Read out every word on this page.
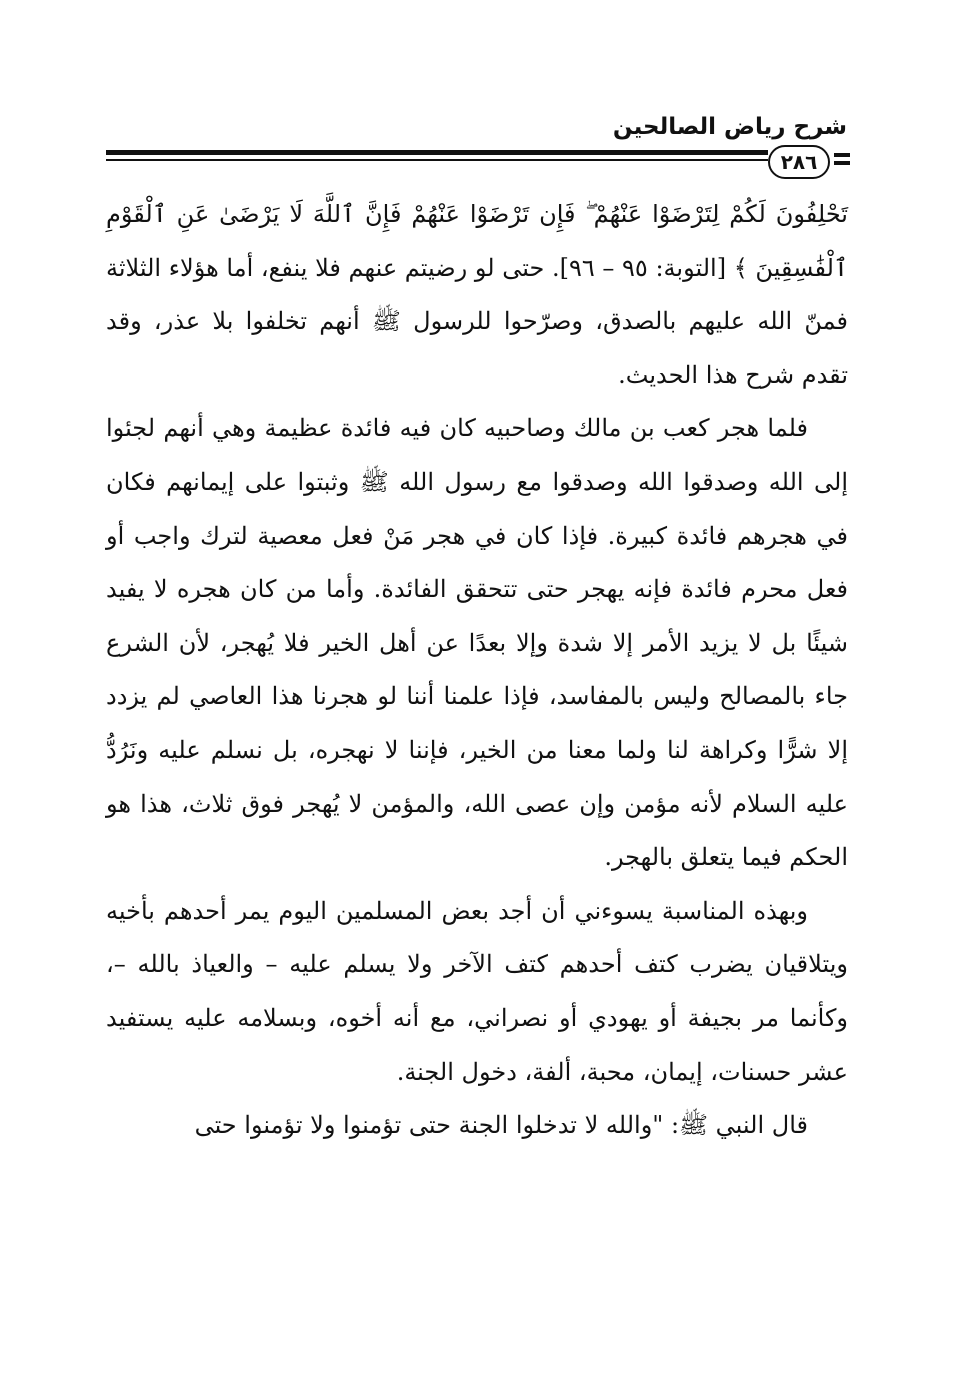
شرح رياض الصالحين
٢٨٦

تَحْلِفُونَ لَكُمْ لِتَرْضَوْا عَنْهُمْ ۖ فَإِن تَرْضَوْا عَنْهُمْ فَإِنَّ ٱللَّهَ لَا يَرْضَىٰ عَنِ ٱلْقَوْمِ ٱلْفَٰسِقِينَ ﴾ [التوبة: ٩٥ – ٩٦]. حتى لو رضيتم عنهم فلا ينفع، أما هؤلاء الثلاثة فمنّ الله عليهم بالصدق، وصرّحوا للرسول ﷺ أنهم تخلفوا بلا عذر، وقد تقدم شرح هذا الحديث.

فلما هجر كعب بن مالك وصاحبيه كان فيه فائدة عظيمة وهي أنهم لجئوا إلى الله وصدقوا الله وصدقوا مع رسول الله ﷺ وثبتوا على إيمانهم فكان في هجرهم فائدة كبيرة. فإذا كان في هجر مَنْ فعل معصية لترك واجب أو فعل محرم فائدة فإنه يهجر حتى تتحقق الفائدة. وأما من كان هجره لا يفيد شيئًا بل لا يزيد الأمر إلا شدة وإلا بعدًا عن أهل الخير فلا يُهجر، لأن الشرع جاء بالمصالح وليس بالمفاسد، فإذا علمنا أننا لو هجرنا هذا العاصي لم يزدد إلا شرًّا وكراهة لنا ولما معنا من الخير، فإننا لا نهجره، بل نسلم عليه ونَرُدُّ عليه السلام لأنه مؤمن وإن عصى الله، والمؤمن لا يُهجر فوق ثلاث، هذا هو الحكم فيما يتعلق بالهجر.

وبهذه المناسبة يسوءني أن أجد بعض المسلمين اليوم يمر أحدهم بأخيه ويتلاقيان يضرب كتف أحدهم كتف الآخر ولا يسلم عليه – والعياذ بالله –، وكأنما مر بجيفة أو يهودي أو نصراني، مع أنه أخوه، وبسلامه عليه يستفيد عشر حسنات، إيمان، محبة، ألفة، دخول الجنة.

قال النبي ﷺ: "والله لا تدخلوا الجنة حتى تؤمنوا ولا تؤمنوا حتى
